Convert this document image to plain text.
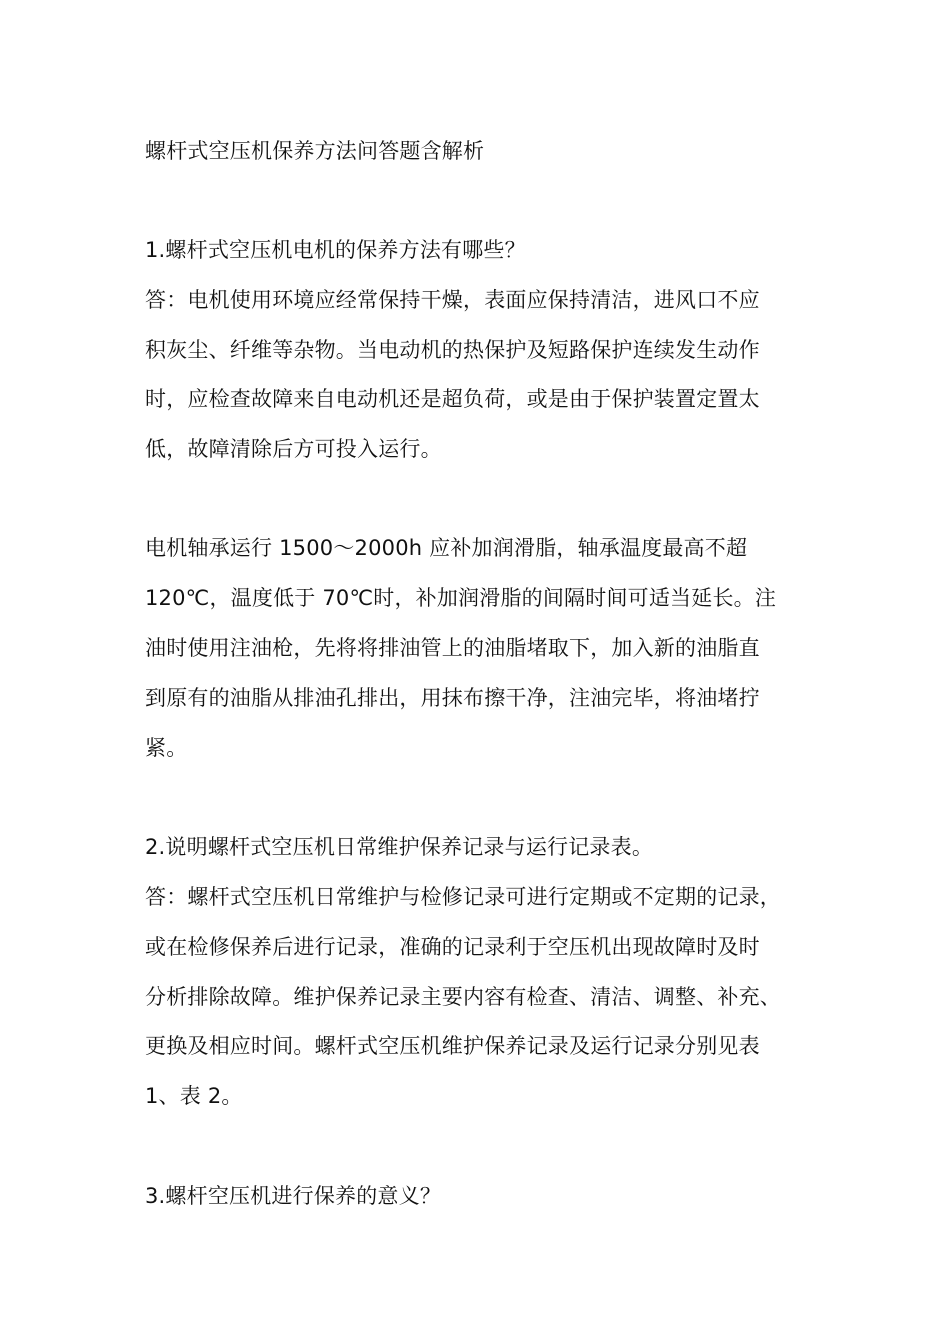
螺杆式空压机保养方法问答题含解析
1.螺杆式空压机电机的保养方法有哪些？
答：电机使用环境应经常保持干燥，表面应保持清洁，进风口不应
积灰尘、纤维等杂物。当电动机的热保护及短路保护连续发生动作
时，应检查故障来自电动机还是超负荷，或是由于保护装置定置太
低，故障清除后方可投入运行。
电机轴承运行 1500～2000h 应补加润滑脂，轴承温度最高不超
120℃，温度低于 70℃时，补加润滑脂的间隔时间可适当延长。注
油时使用注油枪，先将将排油管上的油脂堵取下，加入新的油脂直
到原有的油脂从排油孔排出，用抹布擦干净，注油完毕，将油堵拧
紧。
2.说明螺杆式空压机日常维护保养记录与运行记录表。
答：螺杆式空压机日常维护与检修记录可进行定期或不定期的记录，
或在检修保养后进行记录，准确的记录利于空压机出现故障时及时
分析排除故障。维护保养记录主要内容有检查、清洁、调整、补充、
更换及相应时间。螺杆式空压机维护保养记录及运行记录分别见表
1、表 2。
3.螺杆空压机进行保养的意义？
